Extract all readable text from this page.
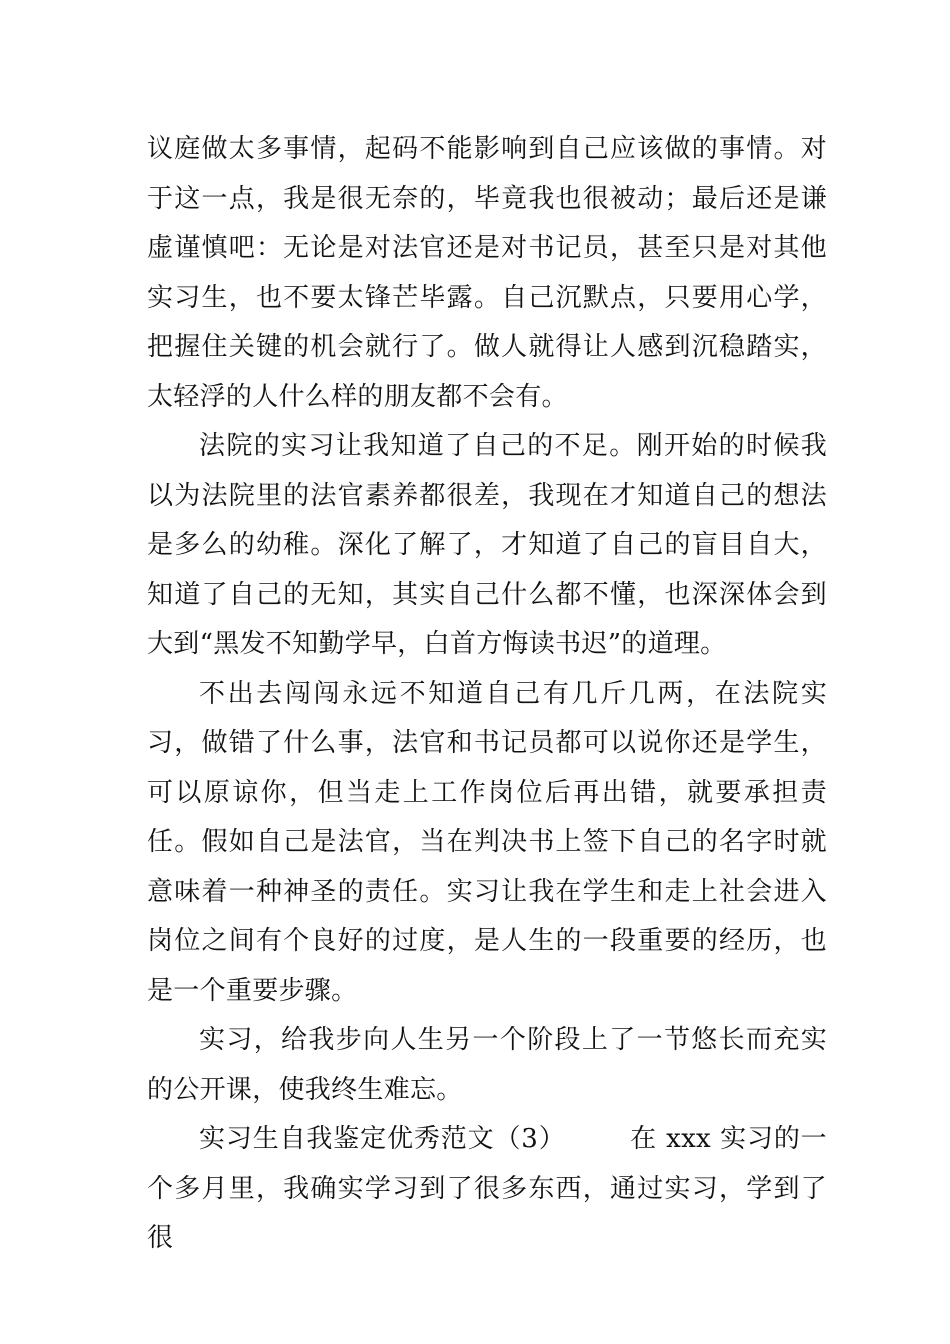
议庭做太多事情，起码不能影响到自己应该做的事情。对于这一点，我是很无奈的，毕竟我也很被动；最后还是谦虚谨慎吧：无论是对法官还是对书记员，甚至只是对其他实习生，也不要太锋芒毕露。自己沉默点，只要用心学，把握住关键的机会就行了。做人就得让人感到沉稳踏实，太轻浮的人什么样的朋友都不会有。

法院的实习让我知道了自己的不足。刚开始的时候我以为法院里的法官素养都很差，我现在才知道自己的想法是多么的幼稚。深化了解了，才知道了自己的盲目自大，知道了自己的无知，其实自己什么都不懂，也深深体会到大到“黑发不知勤学早，白首方悔读书迟”的道理。

不出去闯闯永远不知道自己有几斤几两，在法院实习，做错了什么事，法官和书记员都可以说你还是学生，可以原谅你，但当走上工作岗位后再出错，就要承担责任。假如自己是法官，当在判决书上签下自己的名字时就意味着一种神圣的责任。实习让我在学生和走上社会进入岗位之间有个良好的过度，是人生的一段重要的经历，也是一个重要步骤。

实习，给我步向人生另一个阶段上了一节悠长而充实的公开课，使我终生难忘。

实习生自我鉴定优秀范文（3） 在 xxx 实习的一个多月里，我确实学习到了很多东西，通过实习，学到了很
